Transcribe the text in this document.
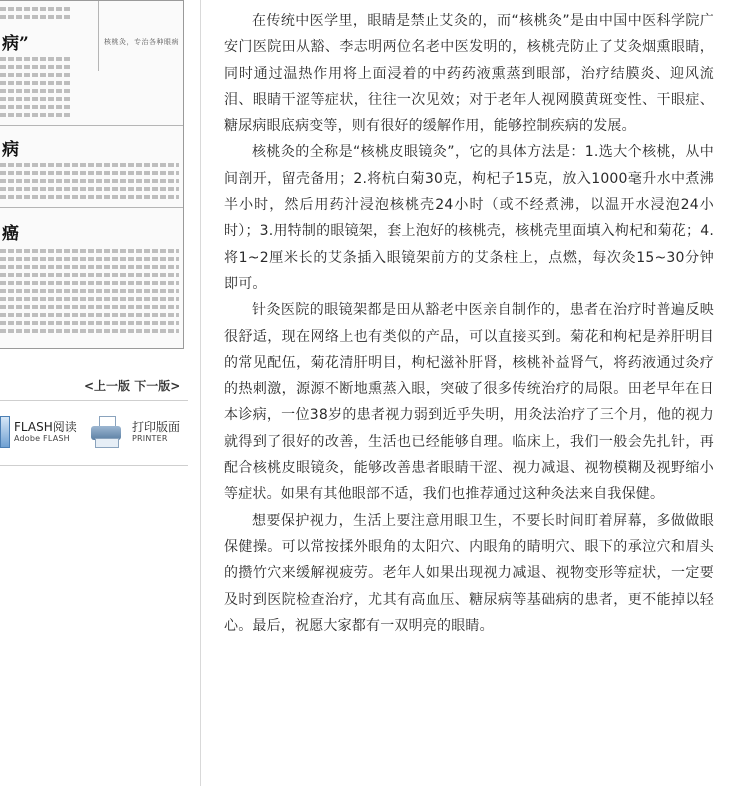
病”	核桃灸，专治各种眼病
病
癌
<上一版 下一版>
FLASH阅读
Adobe FLASH
打印版面
PRINTER

在传统中医学里，眼睛是禁止艾灸的，而“核桃灸”是由中国中医科学院广安门医院田从豁、李志明两位名老中医发明的，核桃壳防止了艾灸烟熏眼睛，同时通过温热作用将上面浸着的中药药液熏蒸到眼部，治疗结膜炎、迎风流泪、眼睛干涩等症状，往往一次见效；对于老年人视网膜黄斑变性、干眼症、糖尿病眼底病变等，则有很好的缓解作用，能够控制疾病的发展。

核桃灸的全称是“核桃皮眼镜灸”，它的具体方法是：1.选大个核桃，从中间剖开，留壳备用；2.将杭白菊30克，枸杞子15克，放入1000毫升水中煮沸半小时，然后用药汁浸泡核桃壳24小时（或不经煮沸，以温开水浸泡24小时）；3.用特制的眼镜架，套上泡好的核桃壳，核桃壳里面填入枸杞和菊花；4.将1~2厘米长的艾条插入眼镜架前方的艾条柱上，点燃，每次灸15~30分钟即可。

针灸医院的眼镜架都是田从豁老中医亲自制作的，患者在治疗时普遍反映很舒适，现在网络上也有类似的产品，可以直接买到。菊花和枸杞是养肝明目的常见配伍，菊花清肝明目，枸杞滋补肝肾，核桃补益肾气，将药液通过灸疗的热刺激，源源不断地熏蒸入眼，突破了很多传统治疗的局限。田老早年在日本诊病，一位38岁的患者视力弱到近乎失明，用灸法治疗了三个月，他的视力就得到了很好的改善，生活也已经能够自理。临床上，我们一般会先扎针，再配合核桃皮眼镜灸，能够改善患者眼睛干涩、视力减退、视物模糊及视野缩小等症状。如果有其他眼部不适，我们也推荐通过这种灸法来自我保健。

想要保护视力，生活上要注意用眼卫生，不要长时间盯着屏幕，多做做眼保健操。可以常按揉外眼角的太阳穴、内眼角的睛明穴、眼下的承泣穴和眉头的攒竹穴来缓解视疲劳。老年人如果出现视力减退、视物变形等症状，一定要及时到医院检查治疗，尤其有高血压、糖尿病等基础病的患者，更不能掉以轻心。最后，祝愿大家都有一双明亮的眼睛。
